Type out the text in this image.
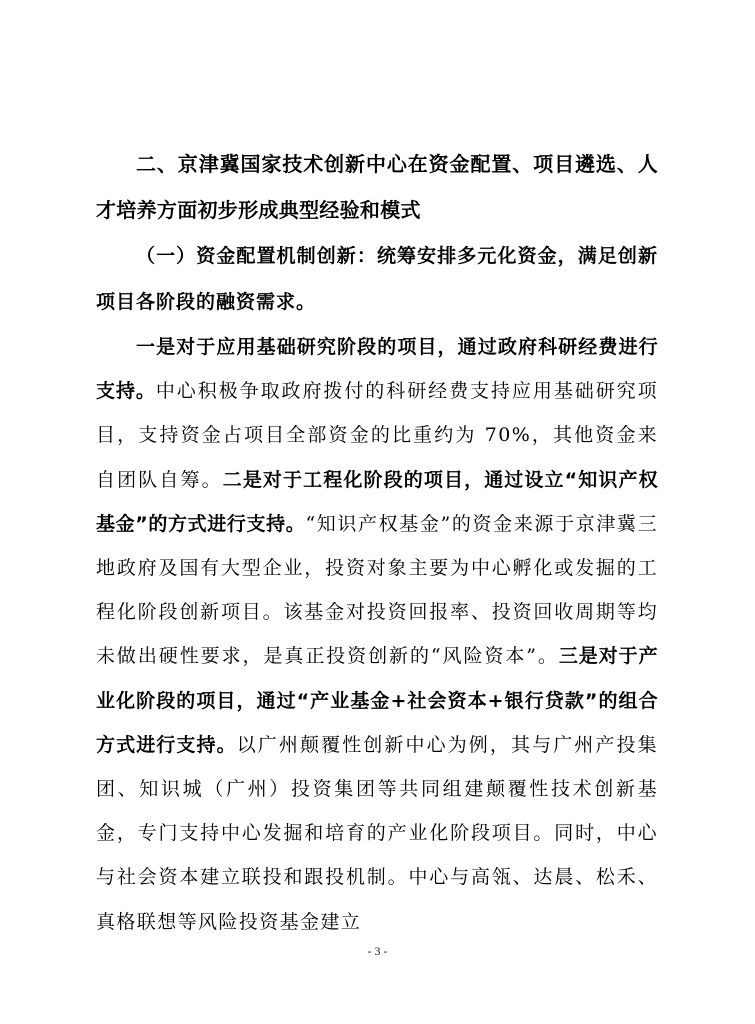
二、京津冀国家技术创新中心在资金配置、项目遴选、人才培养方面初步形成典型经验和模式

（一）资金配置机制创新：统筹安排多元化资金，满足创新项目各阶段的融资需求。

一是对于应用基础研究阶段的项目，通过政府科研经费进行支持。中心积极争取政府拨付的科研经费支持应用基础研究项目，支持资金占项目全部资金的比重约为 70%，其他资金来自团队自筹。二是对于工程化阶段的项目，通过设立“知识产权基金”的方式进行支持。“知识产权基金”的资金来源于京津冀三地政府及国有大型企业，投资对象主要为中心孵化或发掘的工程化阶段创新项目。该基金对投资回报率、投资回收周期等均未做出硬性要求，是真正投资创新的“风险资本”。三是对于产业化阶段的项目，通过“产业基金+社会资本+银行贷款”的组合方式进行支持。以广州颠覆性创新中心为例，其与广州产投集团、知识城（广州）投资集团等共同组建颠覆性技术创新基金，专门支持中心发掘和培育的产业化阶段项目。同时，中心与社会资本建立联投和跟投机制。中心与高瓴、达晨、松禾、真格联想等风险投资基金建立

- 3 -
